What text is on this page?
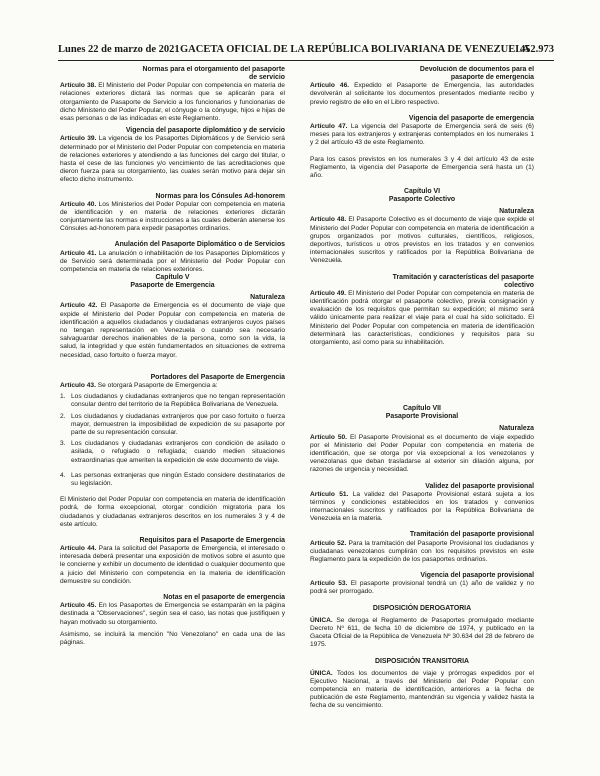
Lunes 22 de marzo de 2021 GACETA OFICIAL DE LA REPÚBLICA BOLIVARIANA DE VENEZUELA
452.973
Normas para el otorgamiento del pasaporte de servicio
Artículo 38. El Ministerio del Poder Popular con competencia en materia de relaciones exteriores dictará las normas que se aplicarán para el otorgamiento de Pasaporte de Servicio a los funcionarios y funcionarias de dicho Ministerio del Poder Popular, el cónyuge o la cónyuge, hijos e hijas de esas personas o de las indicadas en este Reglamento.
Vigencia del pasaporte diplomático y de servicio
Artículo 39. La vigencia de los Pasaportes Diplomáticos y de Servicio será determinado por el Ministerio del Poder Popular con competencia en materia de relaciones exteriores y atendiendo a las funciones del cargo del titular, o hasta el cese de las funciones y/o vencimiento de las acreditaciones que dieron fuerza para su otorgamiento, las cuales serán motivo para dejar sin efecto dicho instrumento.
Normas para los Cónsules Ad-honorem
Artículo 40. Los Ministerios del Poder Popular con competencia en materia de identificación y en materia de relaciones exteriores dictarán conjuntamente las normas e instrucciones a las cuales deberán atenerse los Cónsules ad-honorem para expedir pasaportes ordinarios.
Anulación del Pasaporte Diplomático o de Servicios
Artículo 41. La anulación o inhabilitación de los Pasaportes Diplomáticos y de Servicio será determinada por el Ministerio del Poder Popular con competencia en materia de relaciones exteriores.
Capítulo V
Pasaporte de Emergencia
Naturaleza
Artículo 42. El Pasaporte de Emergencia es el documento de viaje que expide el Ministerio del Poder Popular con competencia en materia de identificación a aquellos ciudadanos y ciudadanas extranjeros cuyos países no tengan representación en Venezuela o cuando sea necesario salvaguardar derechos inalienables de la persona, como son la vida, la salud, la integridad y que estén fundamentados en situaciones de extrema necesidad, caso fortuito o fuerza mayor.
Portadores del Pasaporte de Emergencia
Artículo 43. Se otorgará Pasaporte de Emergencia a:
1. Los ciudadanos y ciudadanas extranjeros que no tengan representación consular dentro del territorio de la República Bolivariana de Venezuela.
2. Los ciudadanos y ciudadanas extranjeros que por caso fortuito o fuerza mayor, demuestren la imposibilidad de expedición de su pasaporte por parte de su representación consular.
3. Los ciudadanos y ciudadanas extranjeros con condición de asilado o asilada, o refugiado o refugiada; cuando medien situaciones extraordinarias que ameriten la expedición de este documento de viaje.
4. Las personas extranjeras que ningún Estado considere destinatarios de su legislación.
El Ministerio del Poder Popular con competencia en materia de identificación podrá, de forma excepcional, otorgar condición migratoria para los ciudadanos y ciudadanas extranjeros descritos en los numerales 3 y 4 de este artículo.
Requisitos para el Pasaporte de Emergencia
Artículo 44. Para la solicitud del Pasaporte de Emergencia, el interesado o interesada deberá presentar una exposición de motivos sobre el asunto que le concierne y exhibir un documento de identidad o cualquier documento que a juicio del Ministerio con competencia en la materia de identificación demuestre su condición.
Notas en el pasaporte de emergencia
Artículo 45. En los Pasaportes de Emergencia se estamparán en la página destinada a "Observaciones", según sea el caso, las notas que justifiquen y hayan motivado su otorgamiento.
Asimismo, se incluirá la mención "No Venezolano" en cada una de las páginas.
Devolución de documentos para el pasaporte de emergencia
Artículo 46. Expedido el Pasaporte de Emergencia, las autoridades devolverán al solicitante los documentos presentados mediante recibo y previo registro de ello en el Libro respectivo.
Vigencia del pasaporte de emergencia
Artículo 47. La vigencia del Pasaporte de Emergencia será de seis (6) meses para los extranjeros y extranjeras contemplados en los numerales 1 y 2 del artículo 43 de este Reglamento.
Para los casos previstos en los numerales 3 y 4 del artículo 43 de este Reglamento, la vigencia del Pasaporte de Emergencia será hasta un (1) año.
Capítulo VI
Pasaporte Colectivo
Naturaleza
Artículo 48. El Pasaporte Colectivo es el documento de viaje que expide el Ministerio del Poder Popular con competencia en materia de identificación a grupos organizados por motivos culturales, científicos, religiosos, deportivos, turísticos u otros previstos en los tratados y en convenios internacionales suscritos y ratificados por la República Bolivariana de Venezuela.
Tramitación y características del pasaporte colectivo
Artículo 49. El Ministerio del Poder Popular con competencia en materia de identificación podrá otorgar el pasaporte colectivo, previa consignación y evaluación de los requisitos que permitan su expedición; el mismo será válido únicamente para realizar el viaje para el cual ha sido solicitado. El Ministerio del Poder Popular con competencia en materia de identificación determinará las características, condiciones y requisitos para su otorgamiento, así como para su inhabilitación.
Capítulo VII
Pasaporte Provisional
Naturaleza
Artículo 50. El Pasaporte Provisional es el documento de viaje expedido por el Ministerio del Poder Popular con competencia en materia de identificación, que se otorga por vía excepcional a los venezolanos y venezolanas que deban trasladarse al exterior sin dilación alguna, por razones de urgencia y necesidad.
Validez del pasaporte provisional
Artículo 51. La validez del Pasaporte Provisional estará sujeta a los términos y condiciones establecidos en los tratados y convenios internacionales suscritos y ratificados por la República Bolivariana de Venezuela en la materia.
Tramitación del pasaporte provisional
Artículo 52. Para la tramitación del Pasaporte Provisional los ciudadanos y ciudadanas venezolanos cumplirán con los requisitos previstos en este Reglamento para la expedición de los pasaportes ordinarios.
Vigencia del pasaporte provisional
Artículo 53. El pasaporte provisional tendrá un (1) año de validez y no podrá ser prorrogado.
DISPOSICIÓN DEROGATORIA
ÚNICA. Se deroga el Reglamento de Pasaportes promulgado mediante Decreto Nº 611, de fecha 10 de diciembre de 1974, y publicado en la Gaceta Oficial de la República de Venezuela Nº 30.634 del 28 de febrero de 1975.
DISPOSICIÓN TRANSITORIA
ÚNICA. Todos los documentos de viaje y prórrogas expedidos por el Ejecutivo Nacional, a través del Ministerio del Poder Popular con competencia en materia de identificación, anteriores a la fecha de publicación de este Reglamento, mantendrán su vigencia y validez hasta la fecha de su vencimiento.
